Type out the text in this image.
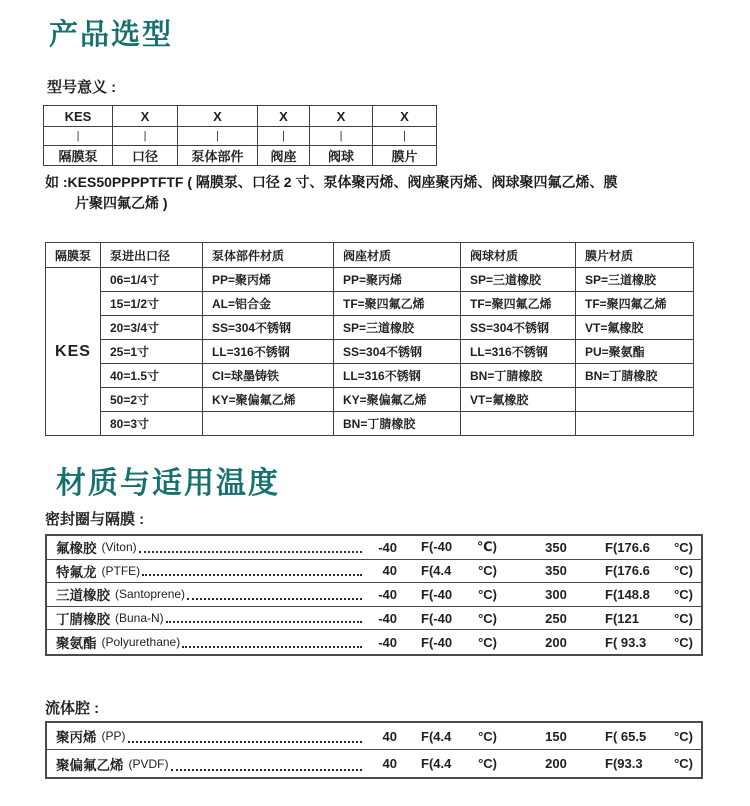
产品选型
型号意义 :
KES	X	X	X	X	X
|	|	|	|	|	|
隔膜泵	口径	泵体部件	阀座	阀球	膜片
如 :KES50PPPPTFTF ( 隔膜泵、口径 2 寸、泵体聚丙烯、阀座聚丙烯、阀球聚四氟乙烯、膜
片聚四氟乙烯 )
隔膜泵	泵进出口径	泵体部件材质	阀座材质	阀球材质	膜片材质
KES	06=1/4寸	PP=聚丙烯	PP=聚丙烯	SP=三道橡胶	SP=三道橡胶
	15=1/2寸	AL=铝合金	TF=聚四氟乙烯	TF=聚四氟乙烯	TF=聚四氟乙烯
	20=3/4寸	SS=304不锈钢	SP=三道橡胶	SS=304不锈钢	VT=氟橡胶
	25=1寸	LL=316不锈钢	SS=304不锈钢	LL=316不锈钢	PU=聚氨酯
	40=1.5寸	CI=球墨铸铁	LL=316不锈钢	BN=丁腈橡胶	BN=丁腈橡胶
	50=2寸	KY=聚偏氟乙烯	KY=聚偏氟乙烯	VT=氟橡胶	
	80=3寸		BN=丁腈橡胶		
材质与适用温度
密封圈与隔膜 :
氟橡胶 (Viton)	-40 F(-40 ℃)	350	F(176.6 °C)
特氟龙 (PTFE)	40 F(4.4 °C)	350	F(176.6 °C)
三道橡胶 (Santoprene)	-40 F(-40 °C)	300	F(148.8 °C)
丁腈橡胶 (Buna-N)	-40 F(-40 °C)	250	F(121	°C)
聚氨酯 (Polyurethane)	-40 F(-40 °C)	200	F( 93.3 °C)
流体腔 :
聚丙烯 (PP)	40 F(4.4 °C)	150	F( 65.5 °C)
聚偏氟乙烯 (PVDF)	40 F(4.4 °C)	200	F(93.3 °C)
